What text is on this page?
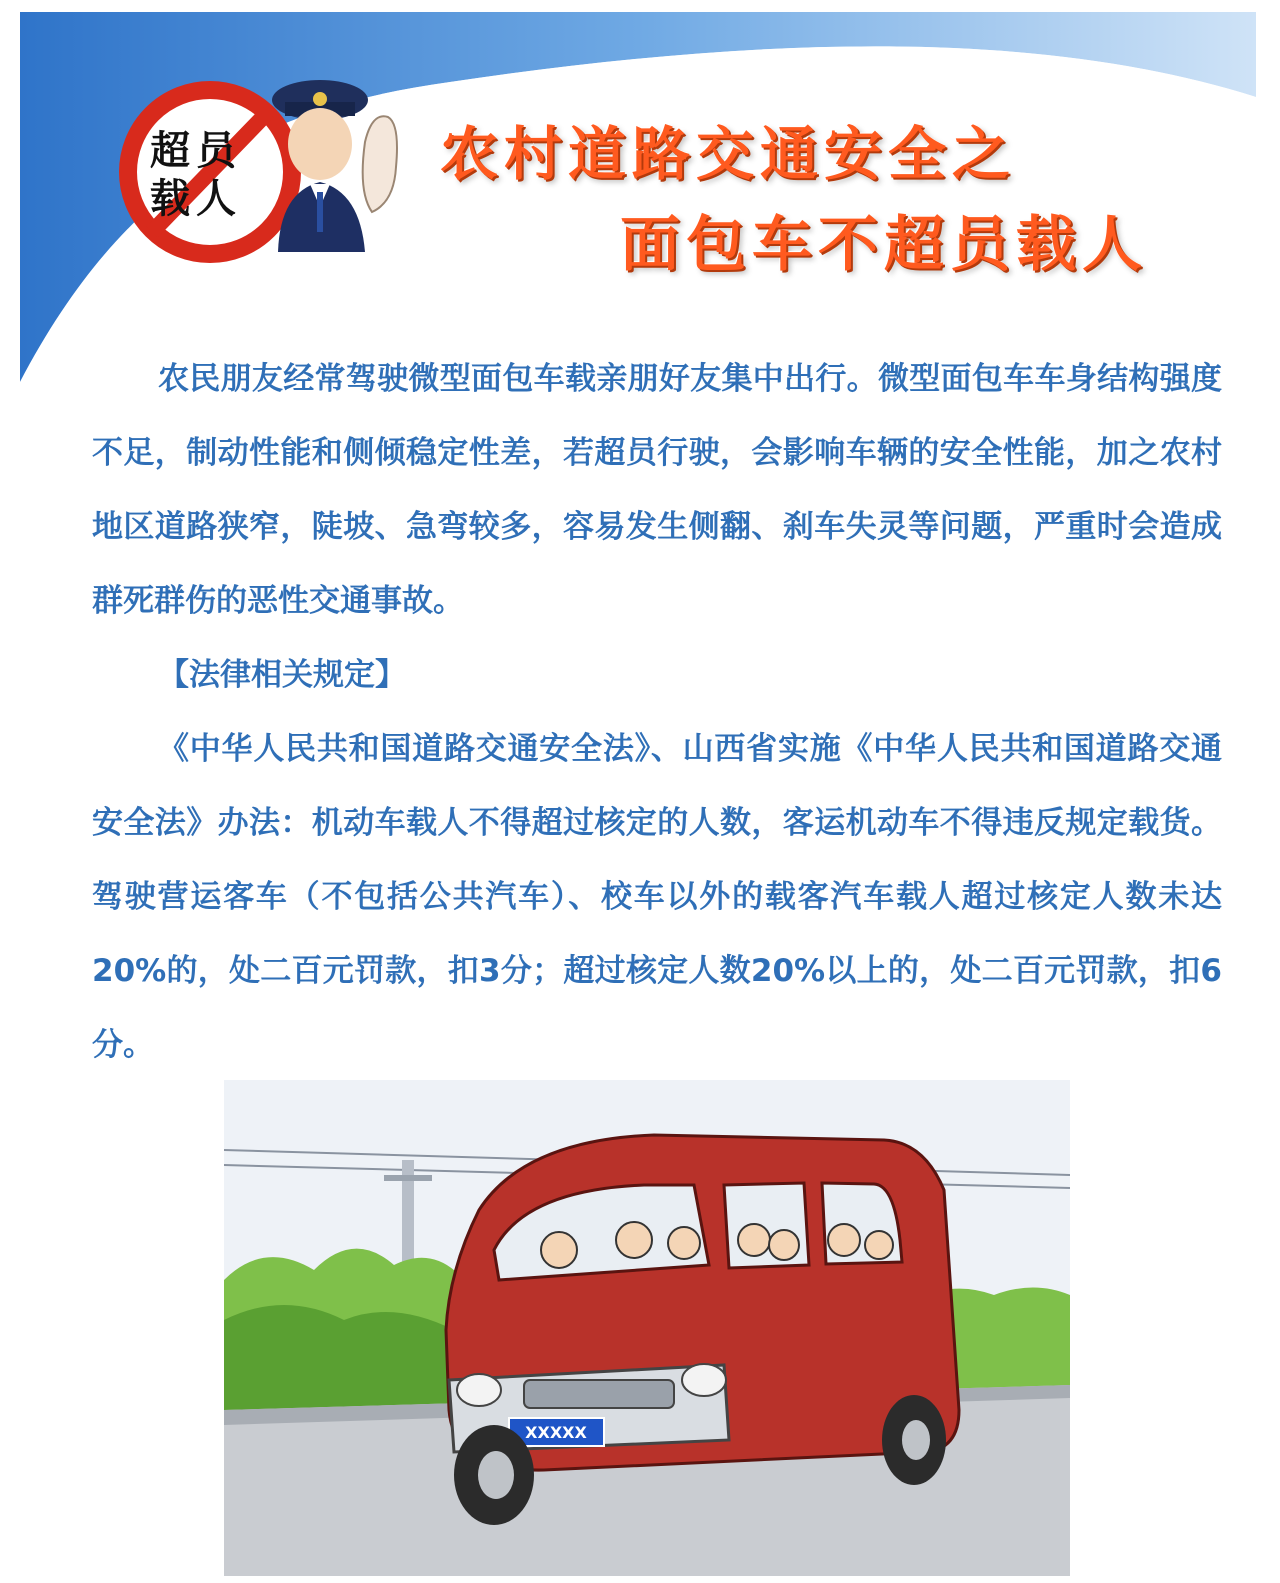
超员
载人
农村道路交通安全之
面包车不超员载人

农民朋友经常驾驶微型面包车载亲朋好友集中出行。微型面包车车身结构强度不足，制动性能和侧倾稳定性差，若超员行驶，会影响车辆的安全性能，加之农村地区道路狭窄，陡坡、急弯较多，容易发生侧翻、刹车失灵等问题，严重时会造成群死群伤的恶性交通事故。

【法律相关规定】

《中华人民共和国道路交通安全法》、山西省实施《中华人民共和国道路交通安全法》办法：机动车载人不得超过核定的人数，客运机动车不得违反规定载货。驾驶营运客车（不包括公共汽车）、校车以外的载客汽车载人超过核定人数未达20%的，处二百元罚款，扣3分；超过核定人数20%以上的，处二百元罚款，扣6分。

XXXXX
